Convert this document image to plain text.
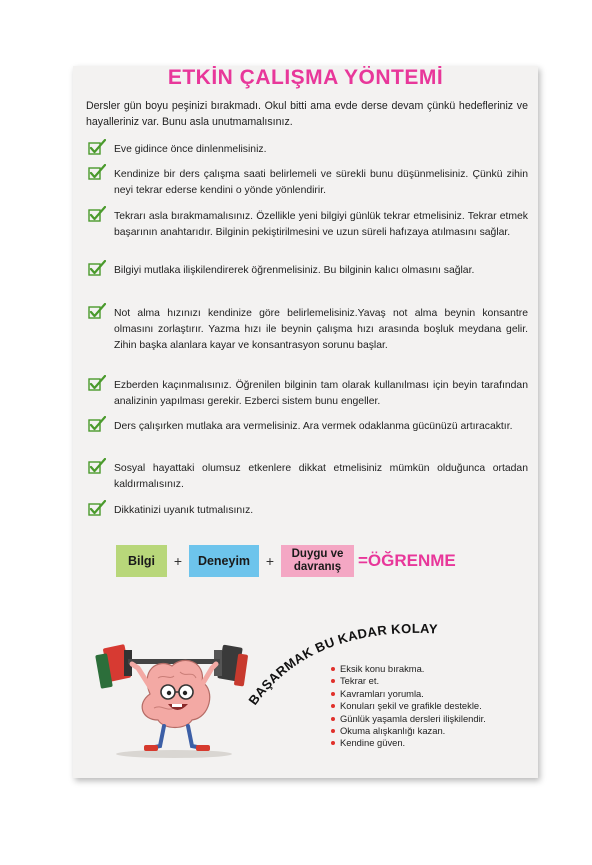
ETKİN ÇALIŞMA YÖNTEMİ
Dersler gün boyu peşinizi bırakmadı. Okul bitti ama evde derse devam çünkü hedefleriniz ve hayalleriniz var. Bunu asla unutmamalısınız.
Eve gidince önce dinlenmelisiniz.
Kendinize bir ders çalışma saati belirlemeli ve sürekli bunu düşünmelisiniz. Çünkü zihin neyi tekrar ederse kendini o yönde yönlendirir.
Tekrarı asla bırakmamalısınız. Özellikle yeni bilgiyi günlük tekrar etmelisiniz. Tekrar etmek başarının anahtarıdır. Bilginin pekiştirilmesini ve uzun süreli hafızaya atılmasını sağlar.
Bilgiyi mutlaka ilişkilendirerek öğrenmelisiniz. Bu bilginin kalıcı olmasını sağlar.
Not alma hızınızı kendinize göre belirlemelisiniz.Yavaş not alma beynin konsantre olmasını zorlaştırır. Yazma hızı ile beynin çalışma hızı arasında boşluk meydana gelir. Zihin başka alanlara kayar ve konsantrasyon sorunu başlar.
Ezberden kaçınmalısınız. Öğrenilen bilginin tam olarak kullanılması için beyin tarafından analizinin yapılması gerekir. Ezberci sistem bunu engeller.
Ders çalışırken mutlaka ara vermelisiniz. Ara vermek odaklanma gücünüzü artıracaktır.
Sosyal hayattaki olumsuz etkenlere dikkat etmelisiniz mümkün olduğunca ortadan kaldırmalısınız.
Dikkatinizi uyanık tutmalısınız.
Bilgi	+	Deneyim	+	Duygu ve
davranış =ÖĞRENME
BAŞARMAK BU KADAR KOLAY
Eksik konu bırakma.
Tekrar et.
Kavramları yorumla.
Konuları şekil ve grafikle destekle.
Günlük yaşamla dersleri ilişkilendir.
Okuma alışkanlığı kazan.
Kendine güven.
